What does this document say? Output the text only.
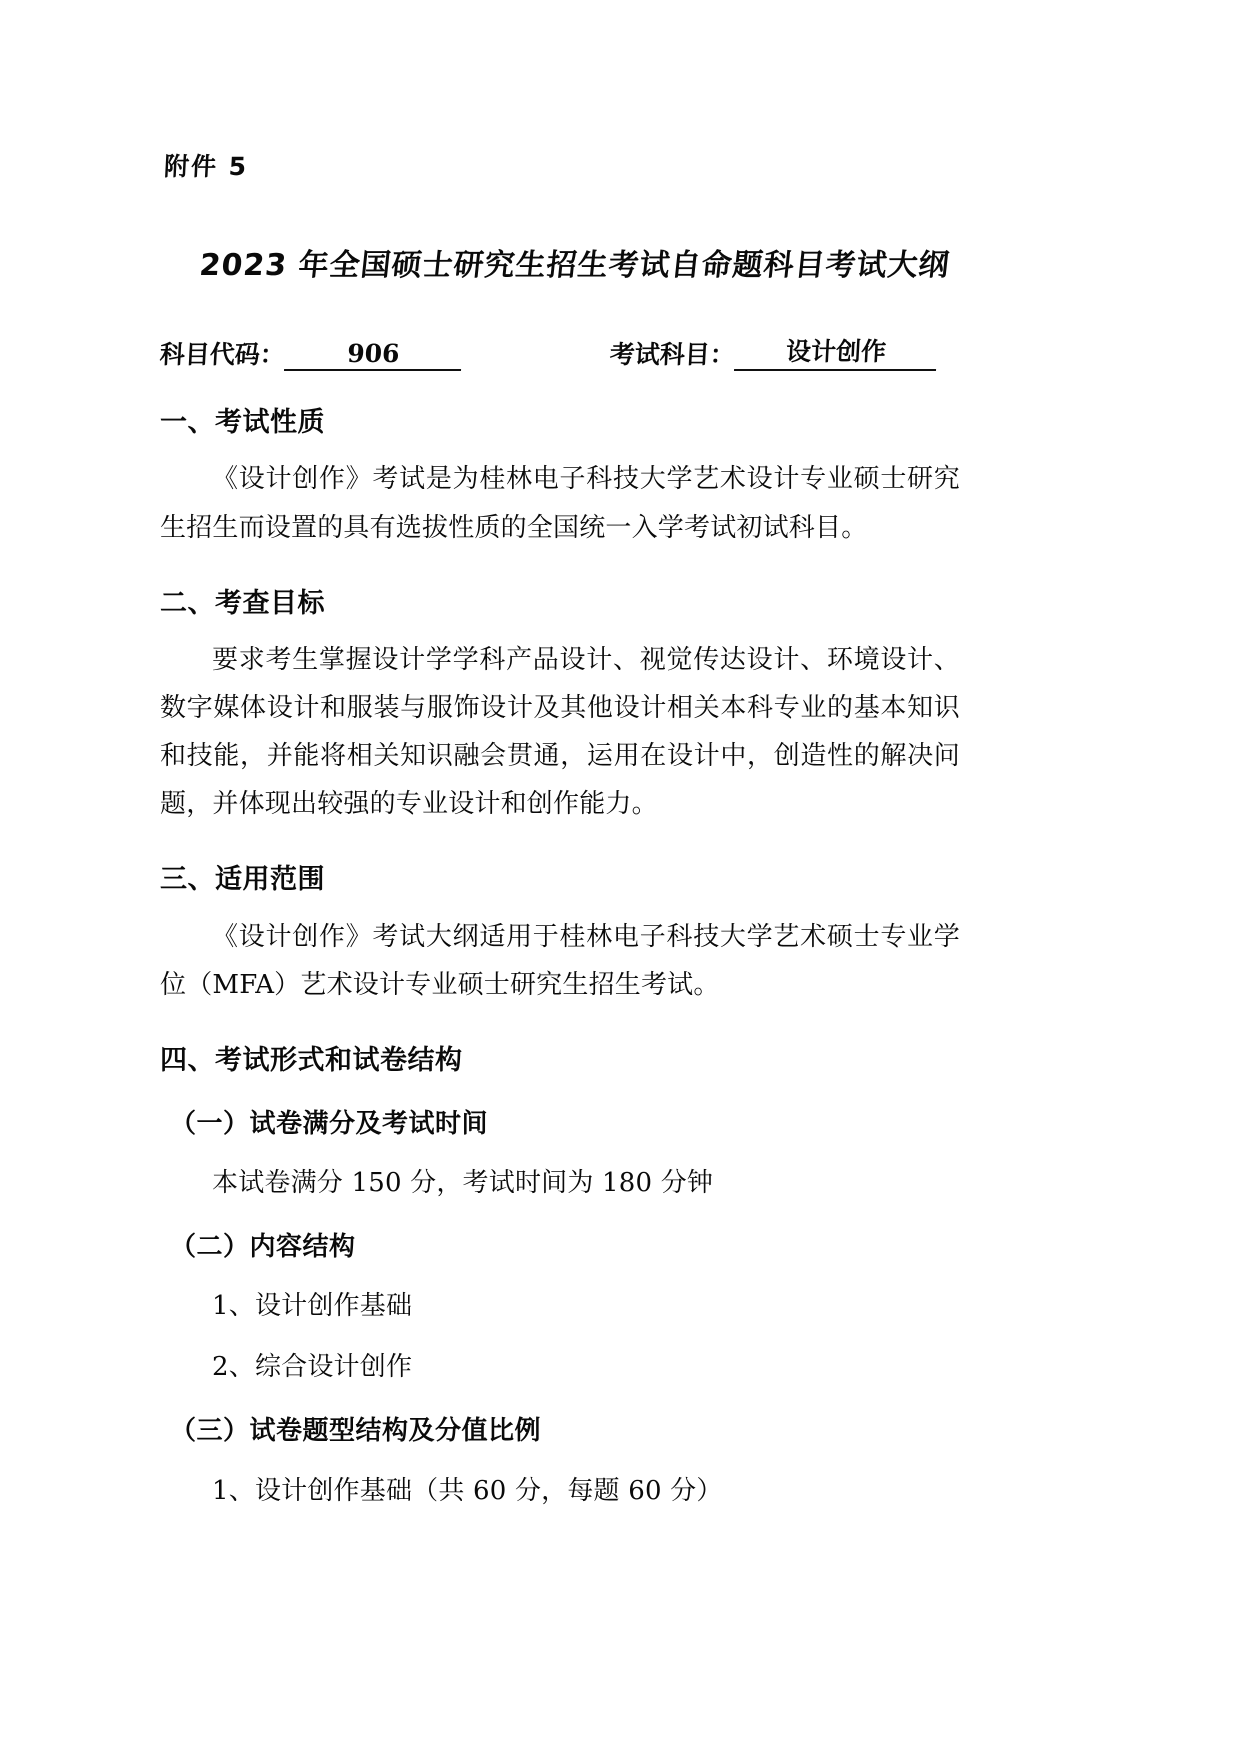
附件 5
2023 年全国硕士研究生招生考试自命题科目考试大纲
科目代码：	906	考试科目：	设计创作
一、考试性质

《设计创作》考试是为桂林电子科技大学艺术设计专业硕士研究生招生而设置的具有选拔性质的全国统一入学考试初试科目。

二、考查目标

要求考生掌握设计学学科产品设计、视觉传达设计、环境设计、数字媒体设计和服装与服饰设计及其他设计相关本科专业的基本知识和技能，并能将相关知识融会贯通，运用在设计中，创造性的解决问题，并体现出较强的专业设计和创作能力。

三、适用范围

《设计创作》考试大纲适用于桂林电子科技大学艺术硕士专业学位（MFA）艺术设计专业硕士研究生招生考试。

四、考试形式和试卷结构
（一）试卷满分及考试时间

本试卷满分 150 分，考试时间为 180 分钟

（二）内容结构

1、设计创作基础

2、综合设计创作

（三）试卷题型结构及分值比例

1、设计创作基础（共 60 分，每题 60 分）
